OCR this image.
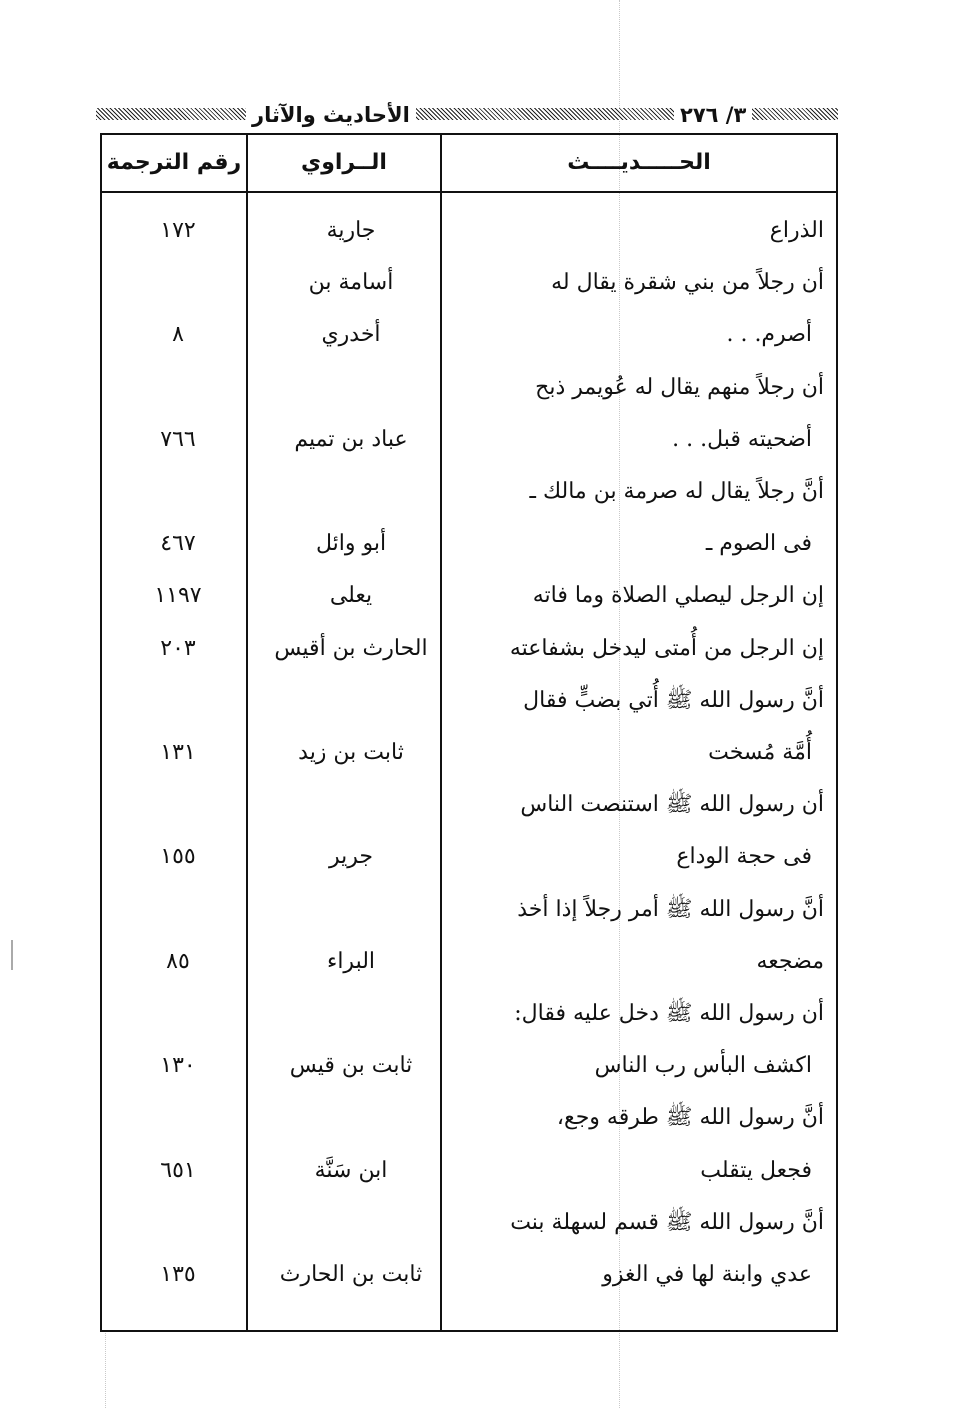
الأحاديث والآثار	٣/ ٢٧٦
الحـــــديــــث
الــراوي
رقم الترجمة
الذراع
جارية
١٧٢
أن رجلاً من بني شقرة يقال له
أسامة بن
أصرم. . .
أخدري
٨
أن رجلاً منهم يقال له عُويمر ذبح
أضحيته قبل. . .
عباد بن تميم
٧٦٦
أنَّ رجلاً يقال له صرمة بن مالك ـ
فى الصوم ـ
أبو وائل
٤٦٧
إن الرجل ليصلي الصلاة وما فاته
يعلى
١١٩٧
إن الرجل من أُمتى ليدخل بشفاعته
الحارث بن أقيس
٢٠٣
أنَّ رسول الله ﷺ أُتي بضبٍّ فقال
أُمَّة مُسخت
ثابت بن زيد
١٣١
أن رسول الله ﷺ استنصت الناس
فى حجة الوداع
جرير
١٥٥
أنَّ رسول الله ﷺ أمر رجلاً إذا أخذ
مضجعه
البراء
٨٥
أن رسول الله ﷺ دخل عليه فقال:
اكشف البأس رب الناس
ثابت بن قيس
١٣٠
أنَّ رسول الله ﷺ طرقه وجع،
فجعل يتقلب
ابن سَنَّة
٦٥١
أنَّ رسول الله ﷺ قسم لسهلة بنت
عدي وابنة لها في الغزو
ثابت بن الحارث
١٣٥
